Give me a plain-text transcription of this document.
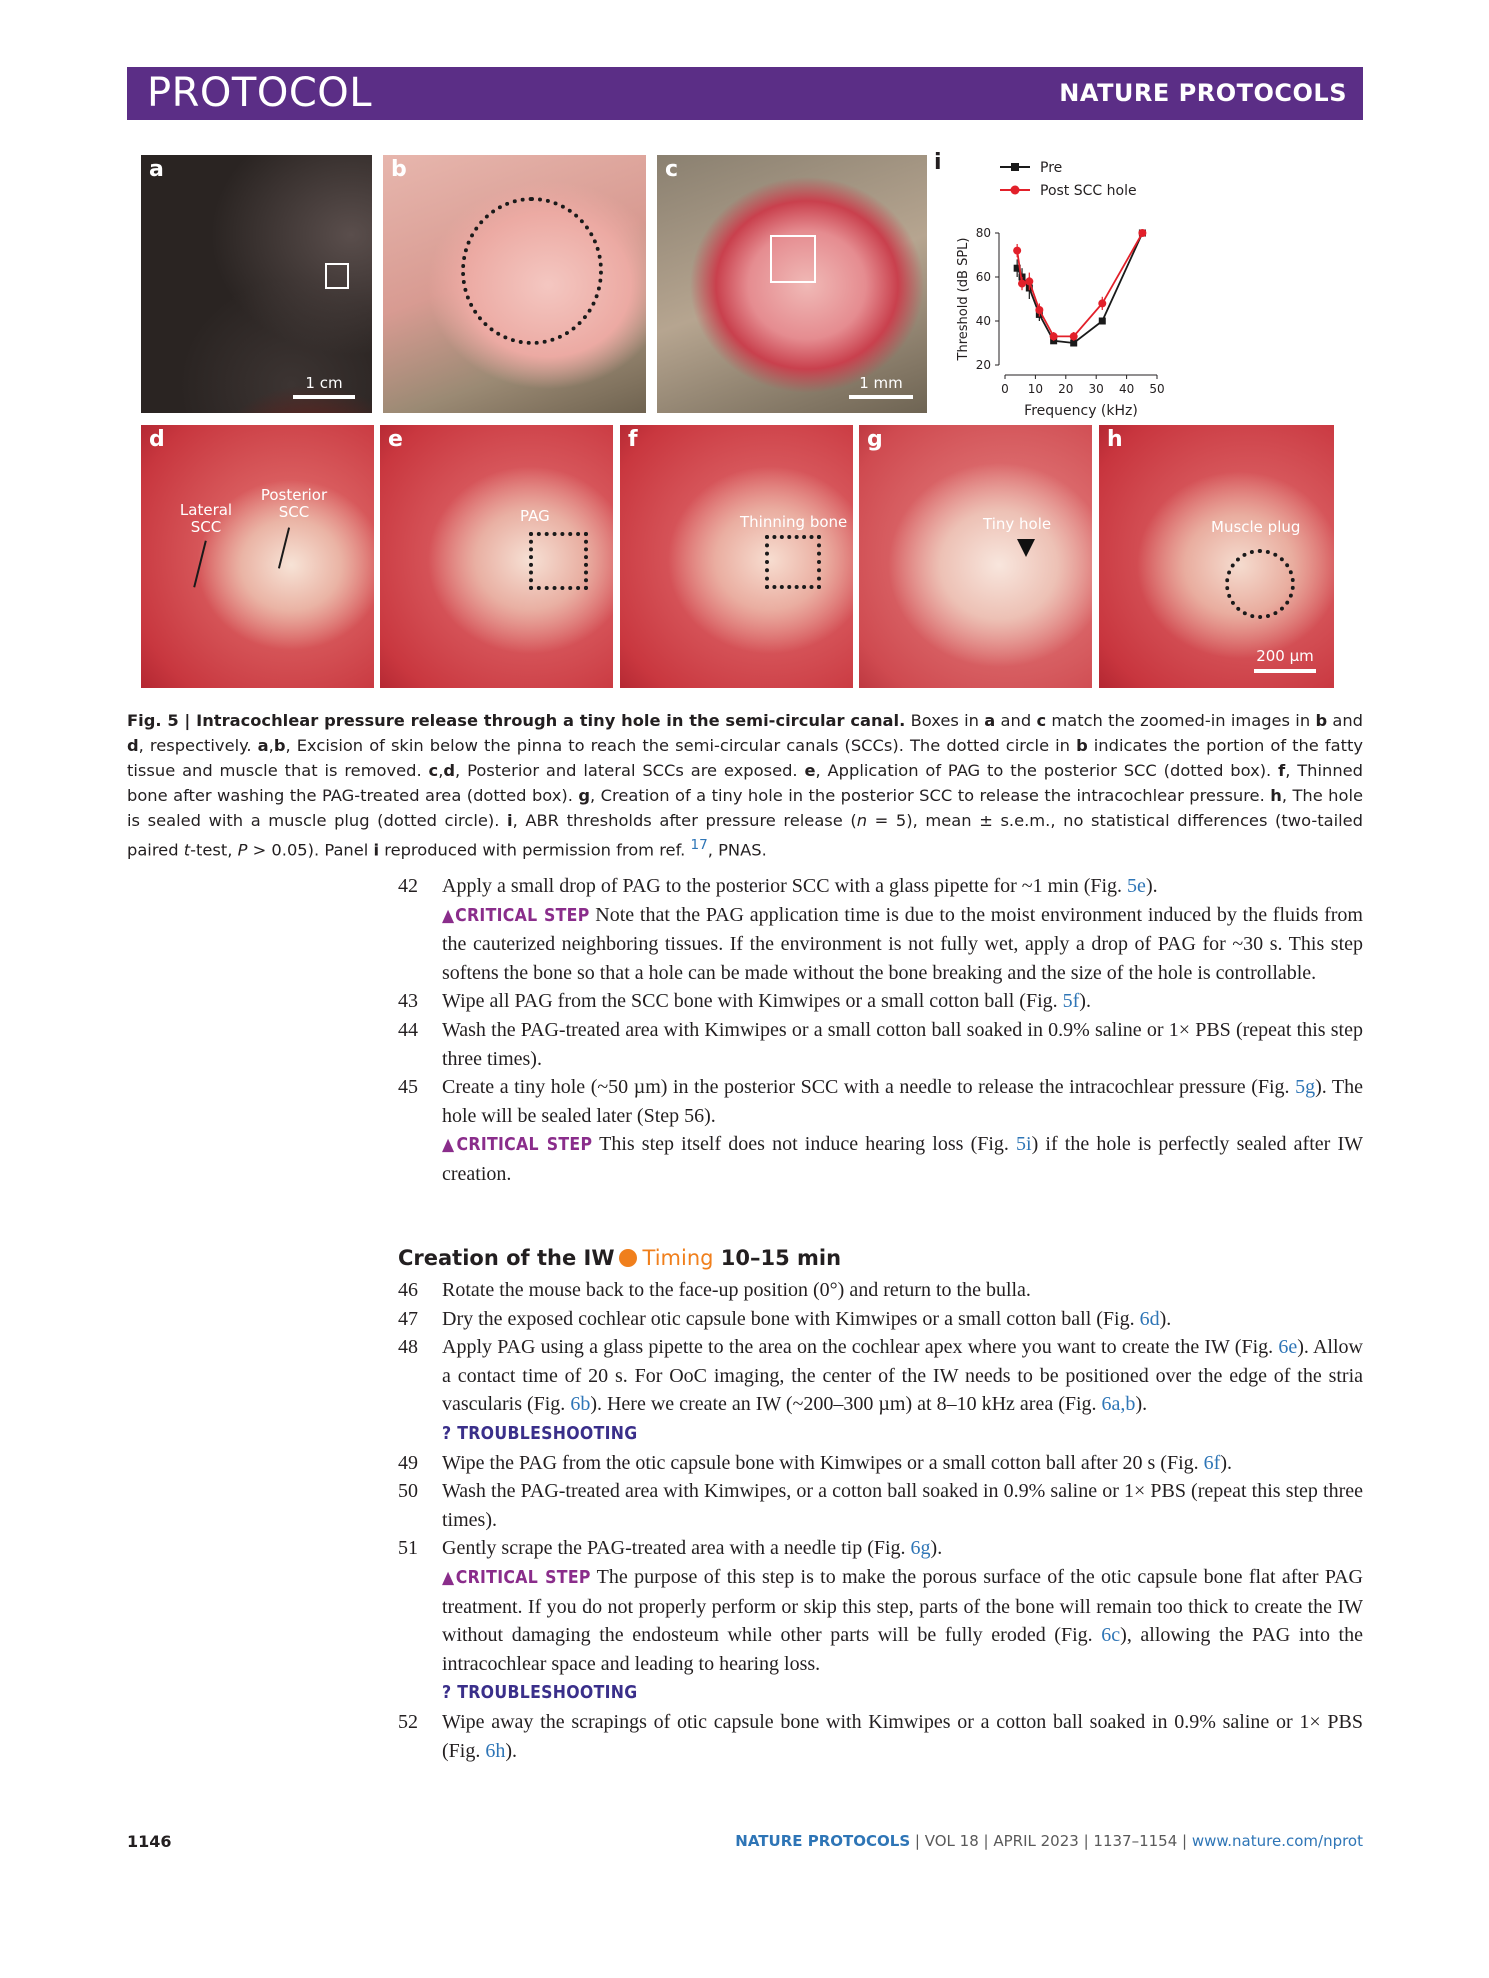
PROTOCOL	NATURE PROTOCOLS
a
1 cm
b	c
1 mm
i
0 10 20 30 40 50
20
40
60
80
Frequency (kHz)
Threshold (dB SPL)
Pre
Post SCC hole
d
Lateral
SCC
Posterior
SCC
e
PAG
f
Thinning bone
g
Tiny hole
h
Muscle plug
200 µm
Fig. 5 | Intracochlear pressure release through a tiny hole in the semi-circular canal. Boxes in a and c match the zoomed-in images in b and d, respectively. a,b, Excision of skin below the pinna to reach the semi-circular canals (SCCs). The dotted circle in b indicates the portion of the fatty tissue and muscle that is removed. c,d, Posterior and lateral SCCs are exposed. e, Application of PAG to the posterior SCC (dotted box). f, Thinned bone after washing the PAG-treated area (dotted box). g, Creation of a tiny hole in the posterior SCC to release the intracochlear pressure. h, The hole is sealed with a muscle plug (dotted circle). i, ABR thresholds after pressure release (n = 5), mean ± s.e.m., no statistical differences (two-tailed paired t-test, P > 0.05). Panel i reproduced with permission from ref. $^{17}$, PNAS.
42 Apply a small drop of PAG to the posterior SCC with a glass pipette for ~1 min (Fig. 5e).
▲CRITICAL STEP Note that the PAG application time is due to the moist environment induced by the fluids from the cauterized neighboring tissues. If the environment is not fully wet, apply a drop of PAG for ~30 s. This step softens the bone so that a hole can be made without the bone breaking and the size of the hole is controllable.
43 Wipe all PAG from the SCC bone with Kimwipes or a small cotton ball (Fig. 5f).
44 Wash the PAG-treated area with Kimwipes or a small cotton ball soaked in 0.9% saline or 1× PBS (repeat this step three times).
45 Create a tiny hole (~50 µm) in the posterior SCC with a needle to release the intracochlear pressure (Fig. 5g). The hole will be sealed later (Step 56).
▲CRITICAL STEP This step itself does not induce hearing loss (Fig. 5i) if the hole is perfectly sealed after IW creation.
Creation of the IW Timing 10–15 min
46 Rotate the mouse back to the face-up position (0°) and return to the bulla.
47 Dry the exposed cochlear otic capsule bone with Kimwipes or a small cotton ball (Fig. 6d).
48 Apply PAG using a glass pipette to the area on the cochlear apex where you want to create the IW (Fig. 6e). Allow a contact time of 20 s. For OoC imaging, the center of the IW needs to be positioned over the edge of the stria vascularis (Fig. 6b). Here we create an IW (~200–300 µm) at 8–10 kHz area (Fig. 6a,b).
? TROUBLESHOOTING
49 Wipe the PAG from the otic capsule bone with Kimwipes or a small cotton ball after 20 s (Fig. 6f).
50 Wash the PAG-treated area with Kimwipes, or a cotton ball soaked in 0.9% saline or 1× PBS (repeat this step three times).
51 Gently scrape the PAG-treated area with a needle tip (Fig. 6g).
▲CRITICAL STEP The purpose of this step is to make the porous surface of the otic capsule bone flat after PAG treatment. If you do not properly perform or skip this step, parts of the bone will remain too thick to create the IW without damaging the endosteum while other parts will be fully eroded (Fig. 6c), allowing the PAG into the intracochlear space and leading to hearing loss.
? TROUBLESHOOTING
52 Wipe away the scrapings of otic capsule bone with Kimwipes or a cotton ball soaked in 0.9% saline or 1× PBS (Fig. 6h).
1146	NATURE PROTOCOLS | VOL 18 | APRIL 2023 | 1137–1154 | www.nature.com/nprot
